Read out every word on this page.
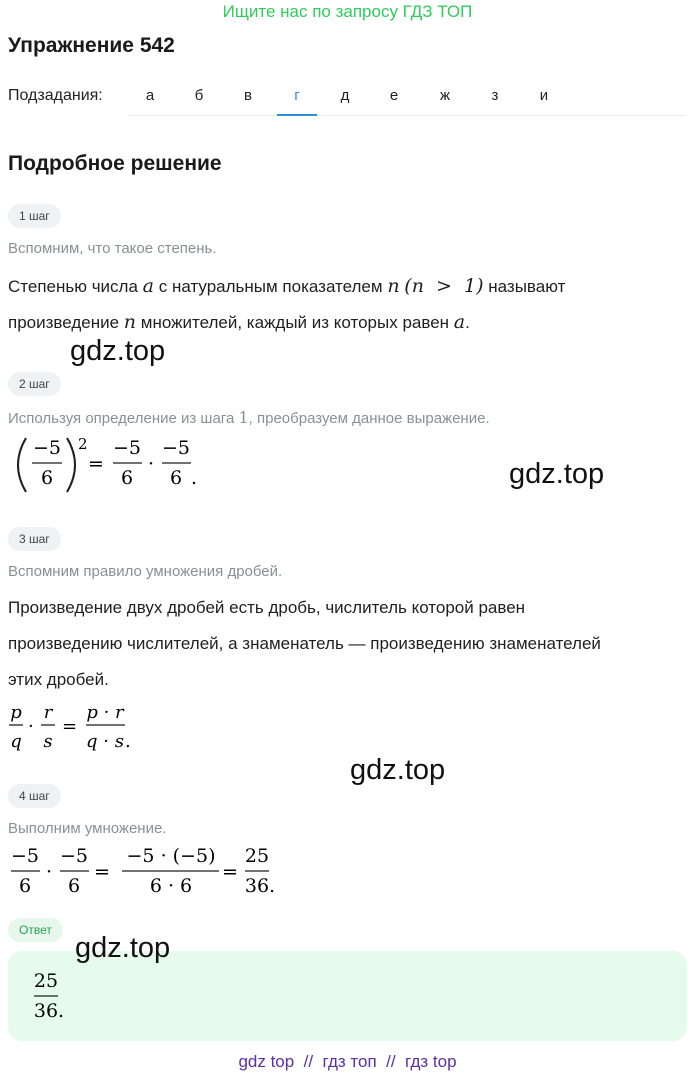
Ищите нас по запросу ГДЗ ТОП
Упражнение 542
Подзадания:	а	б	в	г	д	е	ж	з	и
Подробное решение
1 шаг
Вспомним, что такое степень.
Степенью числа a с натуральным показателем n (n  >  1) называют
произведение n множителей, каждый из которых равен a.
gdz.top
2 шаг
Используя определение из шага 1, преобразуем данное выражение.
−5
6
2
=
−5
6
·
−5
6 .	gdz.top
3 шаг
Вспомним правило умножения дробей.
Произведение двух дробей есть дробь, числитель которой равен
произведению числителей, а знаменатель — произведению знаменателей
этих дробей.
p
q
·
r
s
=
p · r
q · s .
gdz.top
4 шаг
Выполним умножение.
−5
6
·
−5
6
=
−5 · (−5)
6 · 6
=
25
36 .
Ответ
25
36 .
gdz.top
gdz top  //  гдз топ  //  гдз top
